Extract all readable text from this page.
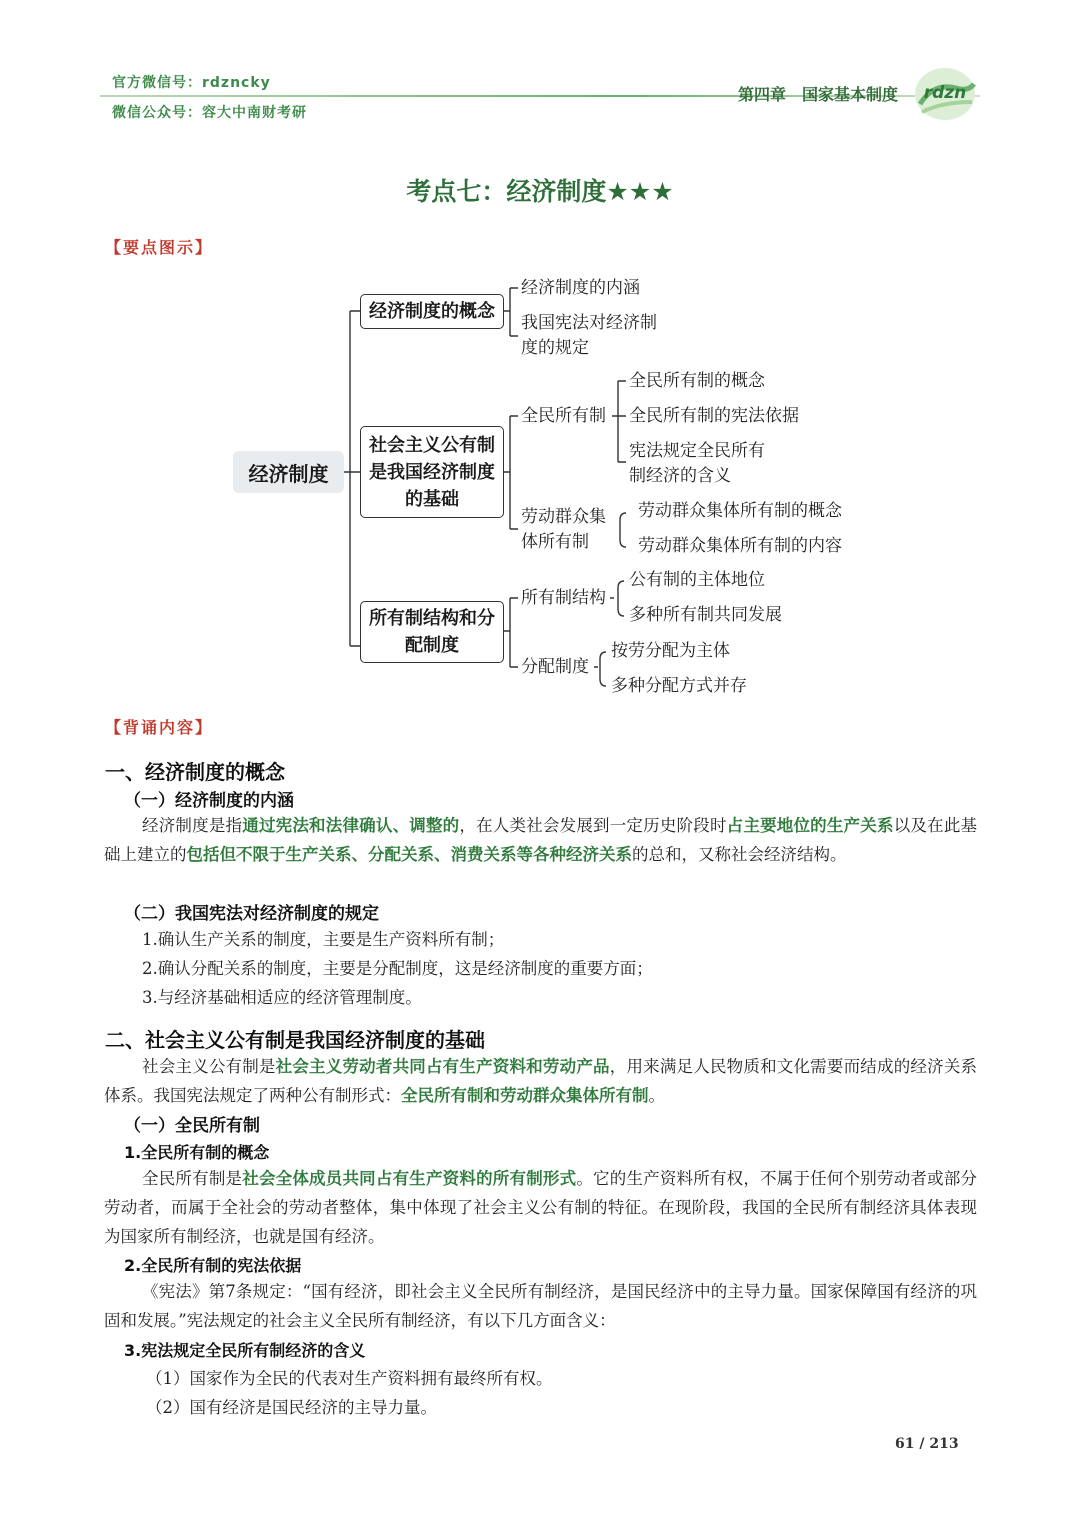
官方微信号：rdzncky
微信公众号：容大中南财考研
第四章　国家基本制度 rdzn
考点七：经济制度★★★
【要点图示】
经济制度
经济制度的概念
社会主义公有制
是我国经济制度
的基础
所有制结构和分
配制度
经济制度的内涵
我国宪法对经济制
度的规定
全民所有制
全民所有制的概念
全民所有制的宪法依据
宪法规定全民所有
制经济的含义
劳动群众集
体所有制
劳动群众集体所有制的概念
劳动群众集体所有制的内容
所有制结构
公有制的主体地位
多种所有制共同发展
分配制度
按劳分配为主体
多种分配方式并存
【背诵内容】
一、经济制度的概念
（一）经济制度的内涵
经济制度是指通过宪法和法律确认、调整的，在人类社会发展到一定历史阶段时占主要地位的生产关系以及在此基础上建立的包括但不限于生产关系、分配关系、消费关系等各种经济关系的总和，又称社会经济结构。
（二）我国宪法对经济制度的规定
1.确认生产关系的制度，主要是生产资料所有制；
2.确认分配关系的制度，主要是分配制度，这是经济制度的重要方面；
3.与经济基础相适应的经济管理制度。
二、社会主义公有制是我国经济制度的基础
社会主义公有制是社会主义劳动者共同占有生产资料和劳动产品，用来满足人民物质和文化需要而结成的经济关系体系。我国宪法规定了两种公有制形式：全民所有制和劳动群众集体所有制。
（一）全民所有制
1.全民所有制的概念
全民所有制是社会全体成员共同占有生产资料的所有制形式。它的生产资料所有权，不属于任何个别劳动者或部分劳动者，而属于全社会的劳动者整体，集中体现了社会主义公有制的特征。在现阶段，我国的全民所有制经济具体表现为国家所有制经济，也就是国有经济。
2.全民所有制的宪法依据
《宪法》第7条规定：“国有经济，即社会主义全民所有制经济，是国民经济中的主导力量。国家保障国有经济的巩固和发展。”宪法规定的社会主义全民所有制经济，有以下几方面含义：
3.宪法规定全民所有制经济的含义
（1）国家作为全民的代表对生产资料拥有最终所有权。
（2）国有经济是国民经济的主导力量。
61 / 213
